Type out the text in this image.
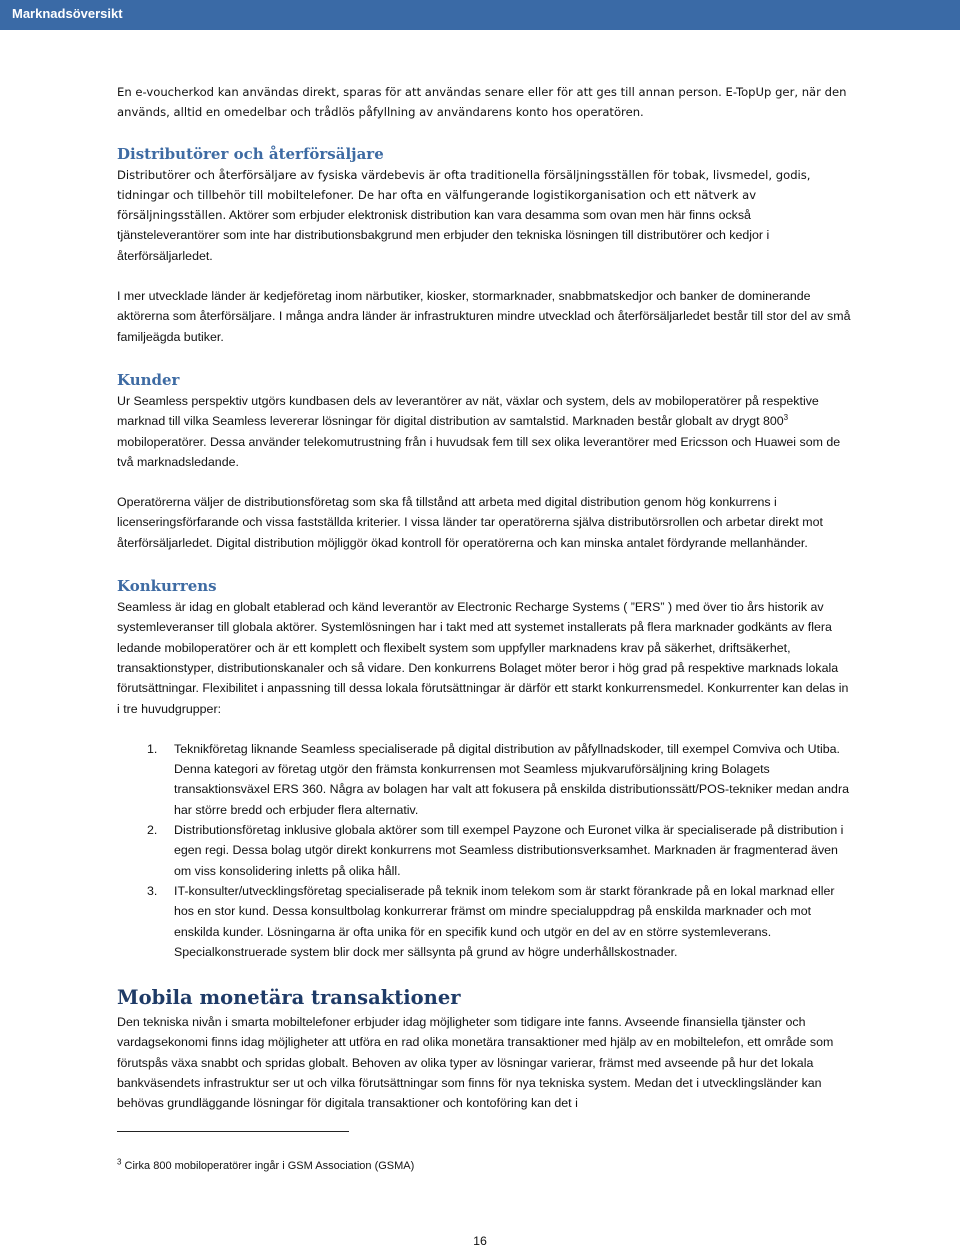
Marknadsöversikt

En e-voucherkod kan användas direkt, sparas för att användas senare eller för att ges till annan person. E-TopUp ger, när den används, alltid en omedelbar och trådlös påfyllning av användarens konto hos operatören.

Distributörer och återförsäljare

Distributörer och återförsäljare av fysiska värdebevis är ofta traditionella försäljningsställen för tobak, livsmedel, godis, tidningar och tillbehör till mobiltelefoner. De har ofta en välfungerande logistikorganisation och ett nätverk av försäljningsställen. Aktörer som erbjuder elektronisk distribution kan vara desamma som ovan men här finns också tjänsteleverantörer som inte har distributionsbakgrund men erbjuder den tekniska lösningen till distributörer och kedjor i återförsäljarledet.

I mer utvecklade länder är kedjeföretag inom närbutiker, kiosker, stormarknader, snabbmatskedjor och banker de dominerande aktörerna som återförsäljare. I många andra länder är infrastrukturen mindre utvecklad och återförsäljarledet består till stor del av små familjeägda butiker.

Kunder

Ur Seamless perspektiv utgörs kundbasen dels av leverantörer av nät, växlar och system, dels av mobiloperatörer på respektive marknad till vilka Seamless levererar lösningar för digital distribution av samtalstid. Marknaden består globalt av drygt $800^3$ mobiloperatörer. Dessa använder telekomutrustning från i huvudsak fem till sex olika leverantörer med Ericsson och Huawei som de två marknadsledande.

Operatörerna väljer de distributionsföretag som ska få tillstånd att arbeta med digital distribution genom hög konkurrens i licenseringsförfarande och vissa fastställda kriterier. I vissa länder tar operatörerna själva distributörsrollen och arbetar direkt mot återförsäljarledet. Digital distribution möjliggör ökad kontroll för operatörerna och kan minska antalet fördyrande mellanhänder.

Konkurrens

Seamless är idag en globalt etablerad och känd leverantör av Electronic Recharge Systems ( ”ERS” ) med över tio års historik av systemleveranser till globala aktörer. Systemlösningen har i takt med att systemet installerats på flera marknader godkänts av flera ledande mobiloperatörer och är ett komplett och flexibelt system som uppfyller marknadens krav på säkerhet, driftsäkerhet, transaktionstyper, distributionskanaler och så vidare. Den konkurrens Bolaget möter beror i hög grad på respektive marknads lokala förutsättningar. Flexibilitet i anpassning till dessa lokala förutsättningar är därför ett starkt konkurrensmedel. Konkurrenter kan delas in i tre huvudgrupper:

1. Teknikföretag liknande Seamless specialiserade på digital distribution av påfyllnadskoder, till exempel Comviva och Utiba. Denna kategori av företag utgör den främsta konkurrensen mot Seamless mjukvaruförsäljning kring Bolagets transaktionsväxel ERS 360. Några av bolagen har valt att fokusera på enskilda distributionssätt/POS-tekniker medan andra har större bredd och erbjuder flera alternativ.
2. Distributionsföretag inklusive globala aktörer som till exempel Payzone och Euronet vilka är specialiserade på distribution i egen regi. Dessa bolag utgör direkt konkurrens mot Seamless distributionsverksamhet. Marknaden är fragmenterad även om viss konsolidering inletts på olika håll.
3. IT-konsulter/utvecklingsföretag specialiserade på teknik inom telekom som är starkt förankrade på en lokal marknad eller hos en stor kund. Dessa konsultbolag konkurrerar främst om mindre specialuppdrag på enskilda marknader och mot enskilda kunder. Lösningarna är ofta unika för en specifik kund och utgör en del av en större systemleverans. Specialkonstruerade system blir dock mer sällsynta på grund av högre underhållskostnader.
Mobila monetära transaktioner

Den tekniska nivån i smarta mobiltelefoner erbjuder idag möjligheter som tidigare inte fanns. Avseende finansiella tjänster och vardagsekonomi finns idag möjligheter att utföra en rad olika monetära transaktioner med hjälp av en mobiltelefon, ett område som förutspås växa snabbt och spridas globalt. Behoven av olika typer av lösningar varierar, främst med avseende på hur det lokala bankväsendets infrastruktur ser ut och vilka förutsättningar som finns för nya tekniska system. Medan det i utvecklingsländer kan behövas grundläggande lösningar för digitala transaktioner och kontoföring kan det i

$^3$ Cirka 800 mobiloperatörer ingår i GSM Association (GSMA)
16
